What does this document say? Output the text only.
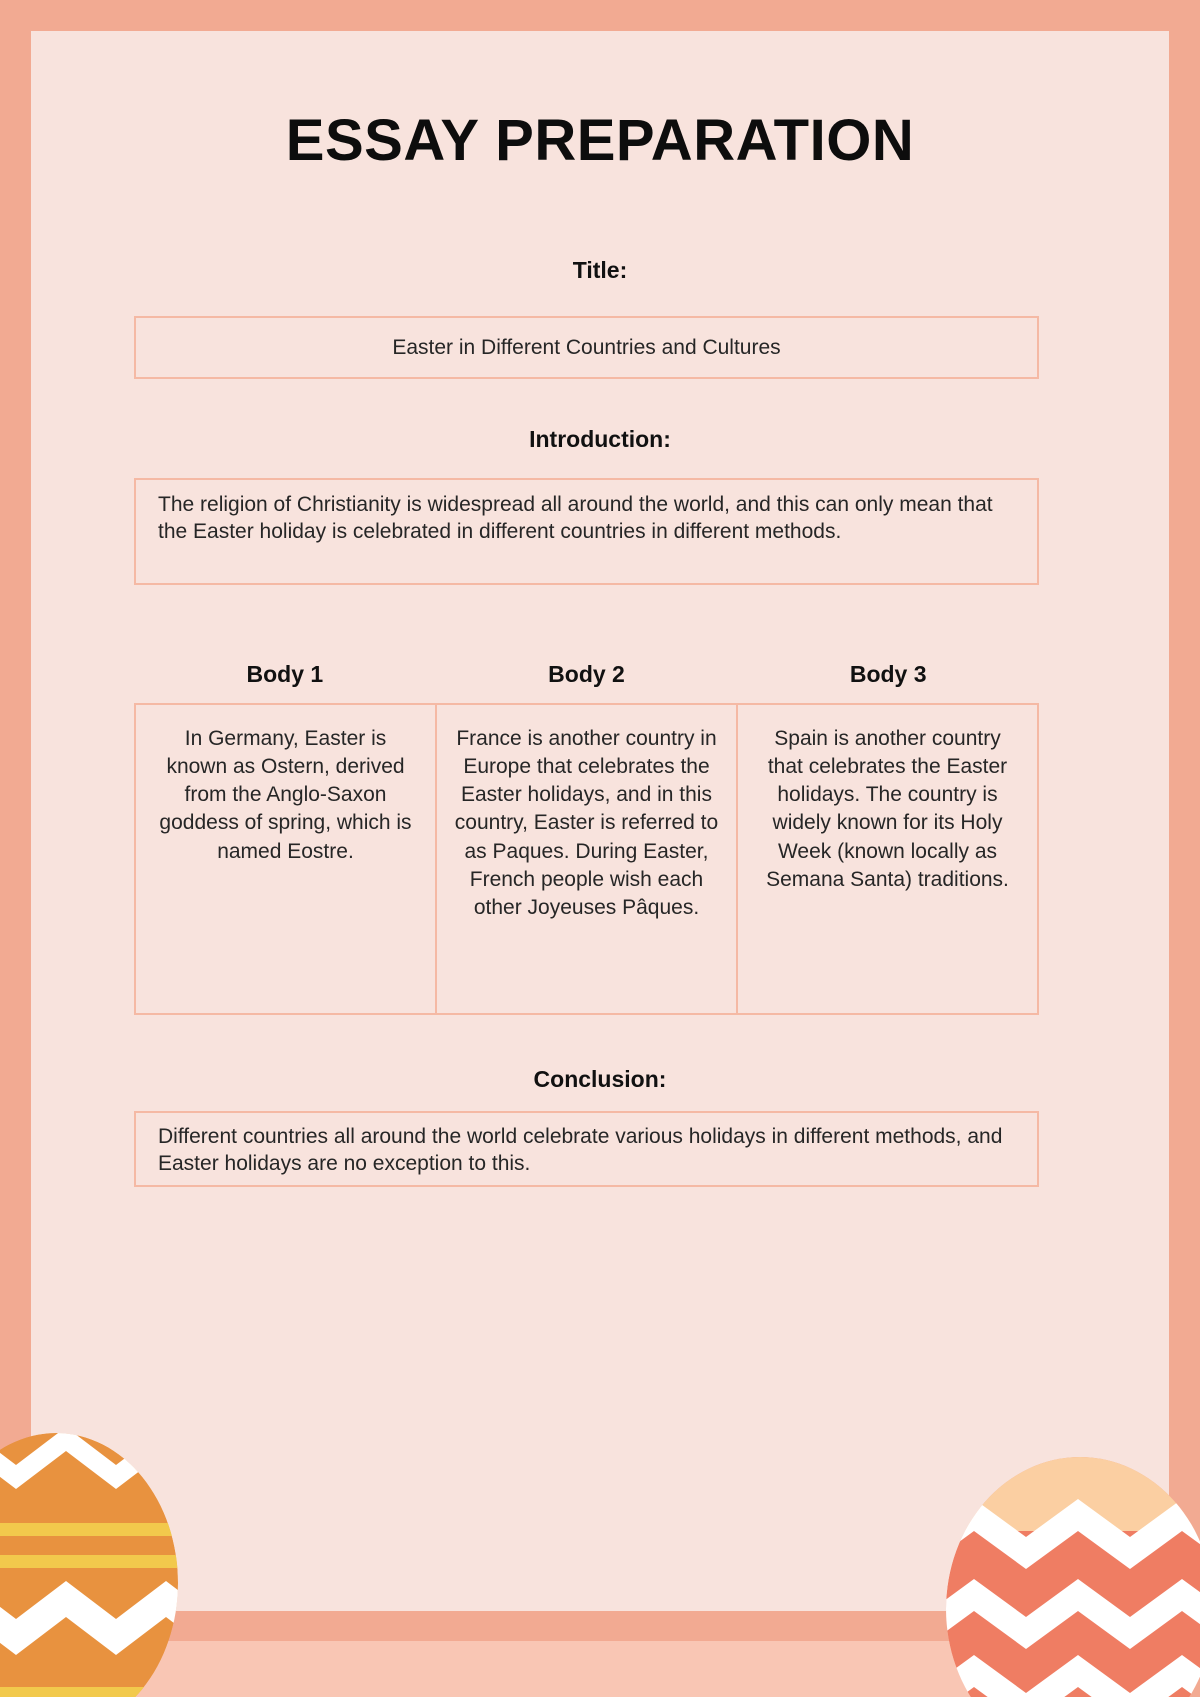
ESSAY PREPARATION
Title:
Easter in Different Countries and Cultures
Introduction:
The religion of Christianity is widespread all around the world, and this can only mean that the Easter holiday is celebrated in different countries in different methods.
Body 1	Body 2	Body 3
In Germany, Easter is known as Ostern, derived from the Anglo-Saxon goddess of spring, which is named Eostre.
France is another country in Europe that celebrates the Easter holidays, and in this country, Easter is referred to as Paques. During Easter, French people wish each other Joyeuses Pâques.
Spain is another country that celebrates the Easter holidays. The country is widely known for its Holy Week (known locally as Semana Santa) traditions.
Conclusion:
Different countries all around the world celebrate various holidays in different methods, and Easter holidays are no exception to this.
